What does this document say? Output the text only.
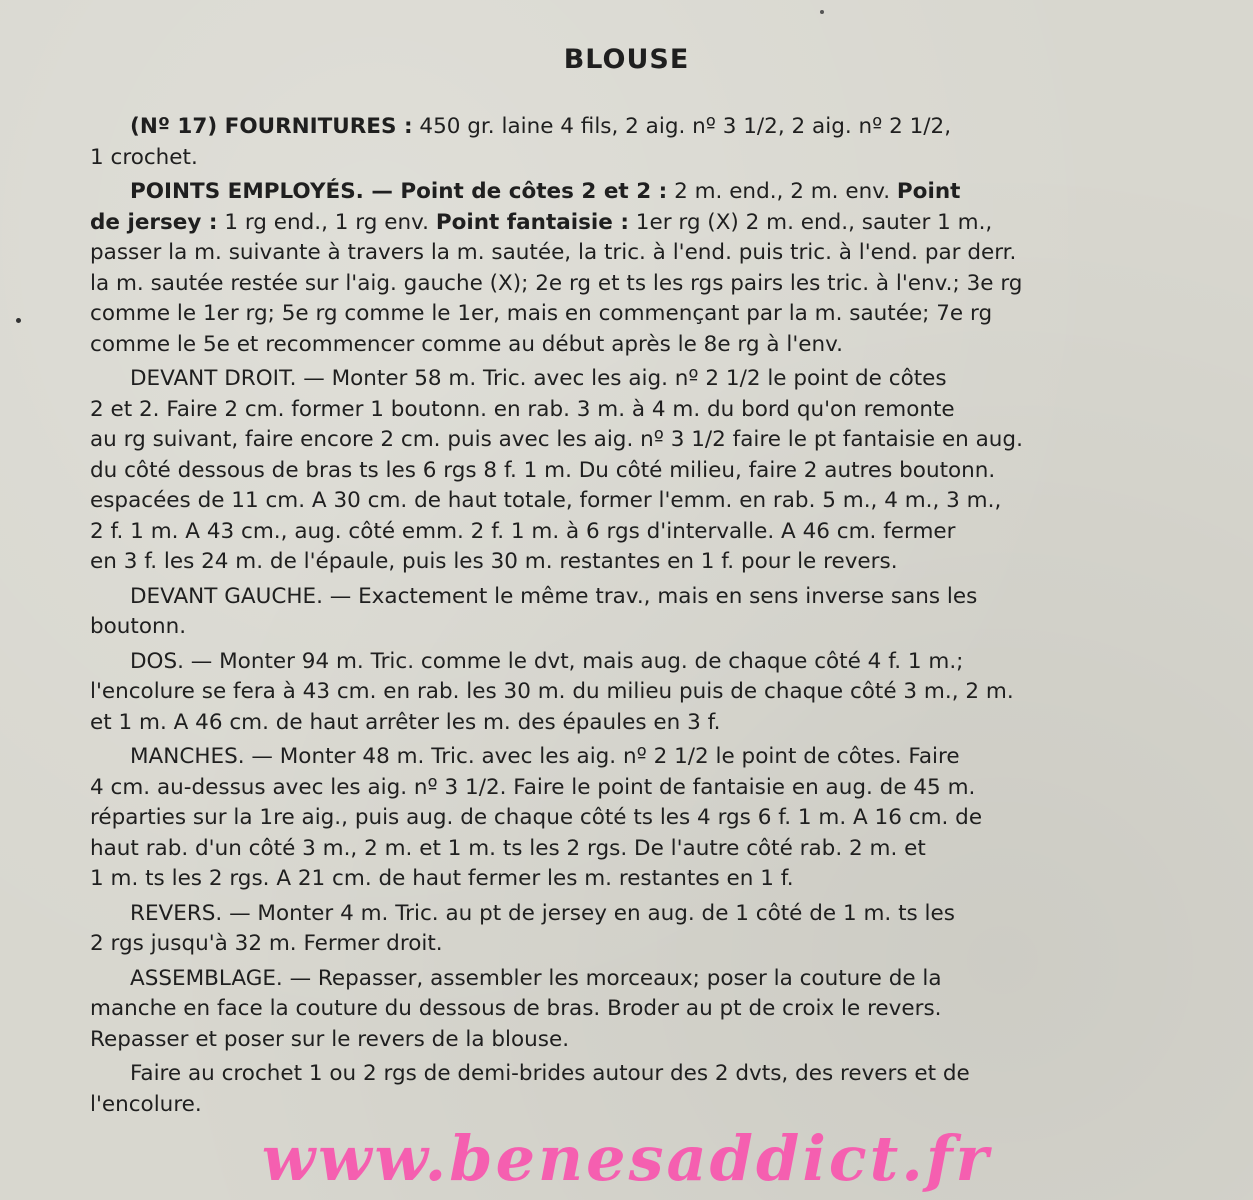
BLOUSE
(Nº 17) FOURNITURES : 450 gr. laine 4 fils, 2 aig. nº 3 1/2, 2 aig. nº 2 1/2,
1 crochet.
POINTS EMPLOYÉS. — Point de côtes 2 et 2 : 2 m. end., 2 m. env. Point
de jersey : 1 rg end., 1 rg env. Point fantaisie : 1er rg (X) 2 m. end., sauter 1 m.,
passer la m. suivante à travers la m. sautée, la tric. à l'end. puis tric. à l'end. par derr.
la m. sautée restée sur l'aig. gauche (X); 2e rg et ts les rgs pairs les tric. à l'env.; 3e rg
comme le 1er rg; 5e rg comme le 1er, mais en commençant par la m. sautée; 7e rg
comme le 5e et recommencer comme au début après le 8e rg à l'env.
DEVANT DROIT. — Monter 58 m. Tric. avec les aig. nº 2 1/2 le point de côtes
2 et 2. Faire 2 cm. former 1 boutonn. en rab. 3 m. à 4 m. du bord qu'on remonte
au rg suivant, faire encore 2 cm. puis avec les aig. nº 3 1/2 faire le pt fantaisie en aug.
du côté dessous de bras ts les 6 rgs 8 f. 1 m. Du côté milieu, faire 2 autres boutonn.
espacées de 11 cm. A 30 cm. de haut totale, former l'emm. en rab. 5 m., 4 m., 3 m.,
2 f. 1 m. A 43 cm., aug. côté emm. 2 f. 1 m. à 6 rgs d'intervalle. A 46 cm. fermer
en 3 f. les 24 m. de l'épaule, puis les 30 m. restantes en 1 f. pour le revers.
DEVANT GAUCHE. — Exactement le même trav., mais en sens inverse sans les
boutonn.
DOS. — Monter 94 m. Tric. comme le dvt, mais aug. de chaque côté 4 f. 1 m.;
l'encolure se fera à 43 cm. en rab. les 30 m. du milieu puis de chaque côté 3 m., 2 m.
et 1 m. A 46 cm. de haut arrêter les m. des épaules en 3 f.
MANCHES. — Monter 48 m. Tric. avec les aig. nº 2 1/2 le point de côtes. Faire
4 cm. au-dessus avec les aig. nº 3 1/2. Faire le point de fantaisie en aug. de 45 m.
réparties sur la 1re aig., puis aug. de chaque côté ts les 4 rgs 6 f. 1 m. A 16 cm. de
haut rab. d'un côté 3 m., 2 m. et 1 m. ts les 2 rgs. De l'autre côté rab. 2 m. et
1 m. ts les 2 rgs. A 21 cm. de haut fermer les m. restantes en 1 f.
REVERS. — Monter 4 m. Tric. au pt de jersey en aug. de 1 côté de 1 m. ts les
2 rgs jusqu'à 32 m. Fermer droit.
ASSEMBLAGE. — Repasser, assembler les morceaux; poser la couture de la
manche en face la couture du dessous de bras. Broder au pt de croix le revers.
Repasser et poser sur le revers de la blouse.
Faire au crochet 1 ou 2 rgs de demi-brides autour des 2 dvts, des revers et de
l'encolure.
www.benesaddict.fr
